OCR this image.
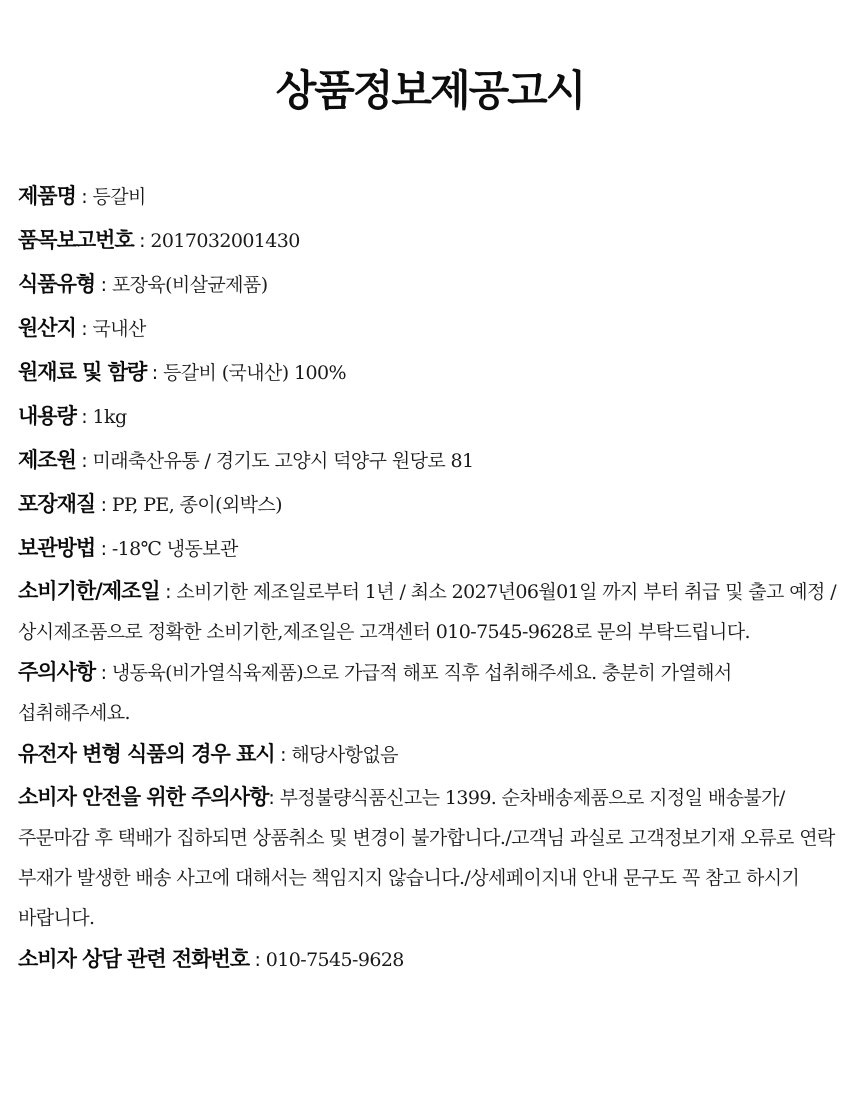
상품정보제공고시

제품명 : 등갈비

품목보고번호 : 2017032001430

식품유형 : 포장육(비살균제품)

원산지 : 국내산

원재료 및 함량 : 등갈비 (국내산) 100%

내용량 : 1kg

제조원 : 미래축산유통 / 경기도 고양시 덕양구 원당로 81

포장재질 : PP, PE, 종이(외박스)

보관방법 : -18℃ 냉동보관

소비기한/제조일 : 소비기한 제조일로부터 1년 / 최소 2027년06월01일 까지 부터 취급 및 출고 예정 / 상시제조품으로 정확한 소비기한,제조일은 고객센터 010-7545-9628로 문의 부탁드립니다.

주의사항 : 냉동육(비가열식육제품)으로 가급적 해포 직후 섭취해주세요. 충분히 가열해서 섭취해주세요.

유전자 변형 식품의 경우 표시 : 해당사항없음

소비자 안전을 위한 주의사항: 부정불량식품신고는 1399. 순차배송제품으로 지정일 배송불가/주문마감 후 택배가 집하되면 상품취소 및 변경이 불가합니다./고객님 과실로 고객정보기재 오류로 연락 부재가 발생한 배송 사고에 대해서는 책임지지 않습니다./상세페이지내 안내 문구도 꼭 참고 하시기 바랍니다.

소비자 상담 관련 전화번호 : 010-7545-9628
